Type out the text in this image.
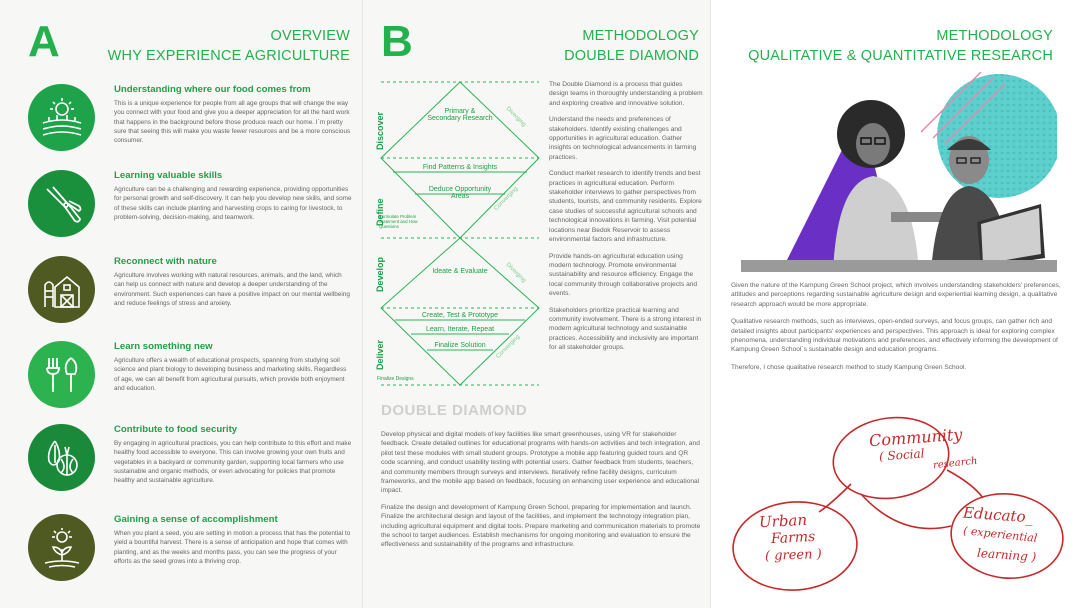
A	OVERVIEW
WHY EXPERIENCE AGRICULTURE

Understanding where our food comes from

This is a unique experience for people from all age groups that will change the way you connect with your food and give you a deeper appreciation for all the hard work that happens in the background before those produce reach our home. I`m pretty sure that seeing this will make you waste fewer resources and be a more conscious consumer.

Learning valuable skills

Agriculture can be a challenging and rewarding experience, providing opportunities for personal growth and self-discovery. It can help you develop new skills, and some of these skills can include planting and harvesting crops to caring for livestock, to problem-solving, decision-making, and teamwork.

Reconnect with nature

Agriculture involves working with natural resources, animals, and the land, which can help us connect with nature and develop a deeper understanding of the environment. Such experiences can have a positive impact on our mental wellbeing and reduce feelings of stress and anxiety.

Learn something new

Agriculture offers a wealth of educational prospects, spanning from studying soil science and plant biology to developing business and marketing skills. Regardless of age, we can all benefit from agricultural pursuits, which provide both enjoyment and education.

Contribute to food security

By engaging in agricultural practices, you can help contribute to this effort and make healthy food accessible to everyone. This can involve growing your own fruits and vegetables in a backyard or community garden, supporting local farmers who use sustainable and organic methods, or even advocating for policies that promote healthy and sustainable agriculture.

Gaining a sense of accomplishment

When you plant a seed, you are setting in motion a process that has the potential to yield a bountiful harvest. There is a sense of anticipation and hope that comes with planting, and as the weeks and months pass, you can see the progress of your efforts as the seed grows into a thriving crop.

B	METHODOLOGY
DOUBLE DIAMOND
Discover
Define
Develop
Deliver
Primary & Secondary Research Diverging
Find Patterns & Insights
Deduce Opportunity Areas	Converging
Formulate Problem Statement and How Questions
Ideate & Evaluate	Diverging
Create, Test & Prototype
Learn, Iterate, Repeat
Finalize Solution	Converging
Finalize Designs
DOUBLE DIAMOND

The Double Diamond is a process that guides design teams in thoroughly understanding a problem and exploring creative and innovative solution.

Understand the needs and preferences of stakeholders. Identify existing challenges and opportunities in agricultural education. Gather insights on technological advancements in farming practices.

Conduct market research to identify trends and best practices in agricultural education. Perform stakeholder interviews to gather perspectives from students, tourists, and community residents. Explore case studies of successful agricultural schools and technological innovations in farming. Visit potential locations near Bedok Reservoir to assess environmental factors and infrastructure.

Provide hands-on agricultural education using modern technology. Promote environmental sustainability and resource efficiency. Engage the local community through collaborative projects and events.

Stakeholders prioritize practical learning and community involvement. There is a strong interest in modern agricultural technology and sustainable practices. Accessibility and inclusivity are important for all stakeholder groups.

Develop physical and digital models of key facilities like smart greenhouses, using VR for stakeholder feedback. Create detailed outlines for educational programs with hands-on activities and tech integration, and pilot test these modules with small student groups. Prototype a mobile app featuring guided tours and QR code scanning, and conduct usability testing with potential users. Gather feedback from students, teachers, and community members through surveys and interviews. Iteratively refine facility designs, curriculum frameworks, and the mobile app based on feedback, focusing on enhancing user experience and educational impact.

Finalize the design and development of Kampung Green School, preparing for implementation and launch. Finalize the architectural design and layout of the facilities, and implement the technology integration plan, including agricultural equipment and digital tools. Prepare marketing and communication materials to promote the school to target audiences. Establish mechanisms for ongoing monitoring and evaluation to ensure the effectiveness and sustainability of the programs and infrastructure.

METHODOLOGY
QUALITATIVE & QUANTITATIVE RESEARCH

Given the nature of the Kampung Green School project, which involves understanding stakeholders' preferences, attitudes and perceptions regarding sustainable agriculture design and experiential learning design, a qualitative research approach would be more appropriate.

Qualitative research methods, such as interviews, open-ended surveys, and focus groups, can gather rich and detailed insights about participants' experiences and perspectives. This approach is ideal for exploring complex phenomena, understanding individual motivations and preferences, and effectively informing the development of Kampung Green School`s sustainable design and education programs.

Therefore, I chose qualitative research method to study Kampung Green School.

Community
( Social research
Urban
Farms
( green )
Educato_
( experiential
learning )
